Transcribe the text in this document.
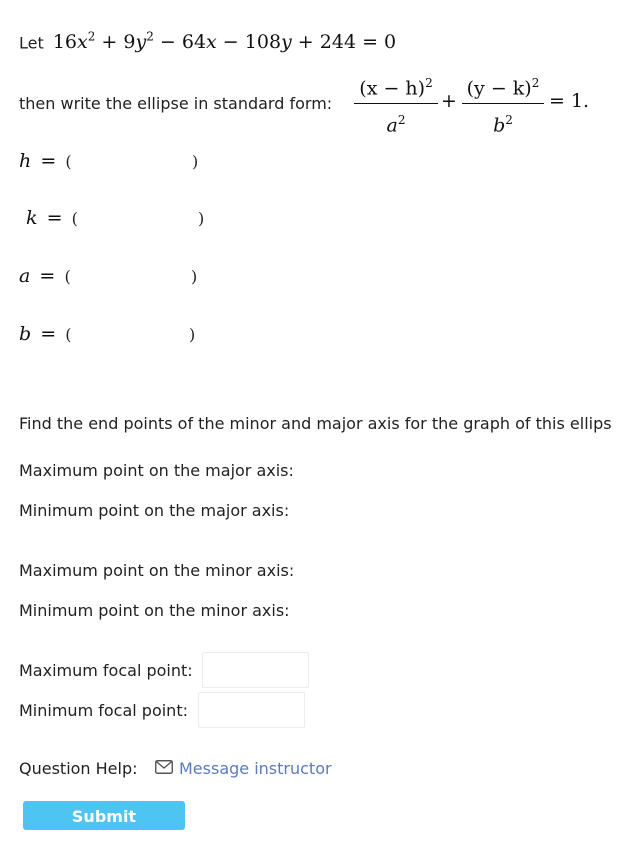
Let $16x^2 + 9y^2 - 64x - 108y + 244 = 0$
then write the ellipse in standard form:
$(x - h)^2$
$a^2$
+
$(y - k)^2$
$b^2$
= 1.
h = (	)
k = (	)
a = (	)
b = (	)
Find the end points of the minor and major axis for the graph of this ellips
Maximum point on the major axis:
Minimum point on the major axis:
Maximum point on the minor axis:
Minimum point on the minor axis:
Maximum focal point:
Minimum focal point:
Question Help:	Message instructor
Submit Question
